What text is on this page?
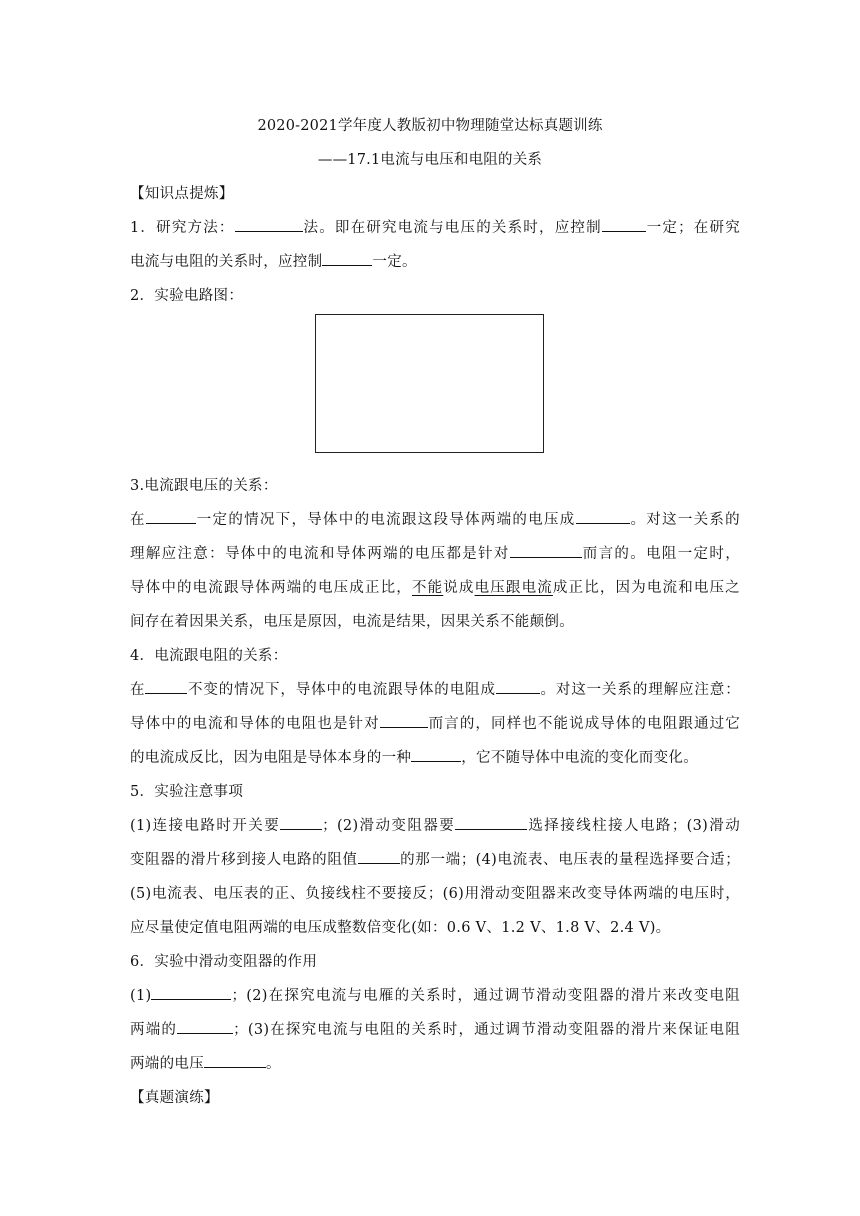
2020-2021学年度人教版初中物理随堂达标真题训练
——17.1电流与电压和电阻的关系
【知识点提炼】
1．研究方法：	法。即在研究电流与电压的关系时，应控制	一定；在研究
电流与电阻的关系时，应控制	一定。
2．实验电路图：
3.电流跟电压的关系：
在	一定的情况下，导体中的电流跟这段导体两端的电压成	。对这一关系的
理解应注意：导体中的电流和导体两端的电压都是针对	而言的。电阻一定时，
导体中的电流跟导体两端的电压成正比，不能说成电压跟电流成正比，因为电流和电压之
间存在着因果关系，电压是原因，电流是结果，因果关系不能颠倒。
4．电流跟电阻的关系：
在	不变的情况下，导体中的电流跟导体的电阻成	。对这一关系的理解应注意：
导体中的电流和导体的电阻也是针对	而言的，同样也不能说成导体的电阻跟通过它
的电流成反比，因为电阻是导体本身的一种	，它不随导体中电流的变化而变化。
5．实验注意事项
(1)连接电路时开关要	；(2)滑动变阻器要	选择接线柱接人电路；(3)滑动
变阻器的滑片移到接人电路的阻值	的那一端；(4)电流表、电压表的量程选择要合适；
(5)电流表、电压表的正、负接线柱不要接反；(6)用滑动变阻器来改变导体两端的电压时，
应尽量使定值电阻两端的电压成整数倍变化(如：0.6 V、1.2 V、1.8 V、2.4 V)。
6．实验中滑动变阻器的作用
(1)	；(2)在探究电流与电雁的关系时，通过调节滑动变阻器的滑片来改变电阻
两端的	；(3)在探究电流与电阻的关系时，通过调节滑动变阻器的滑片来保证电阻
两端的电压	。
【真题演练】
